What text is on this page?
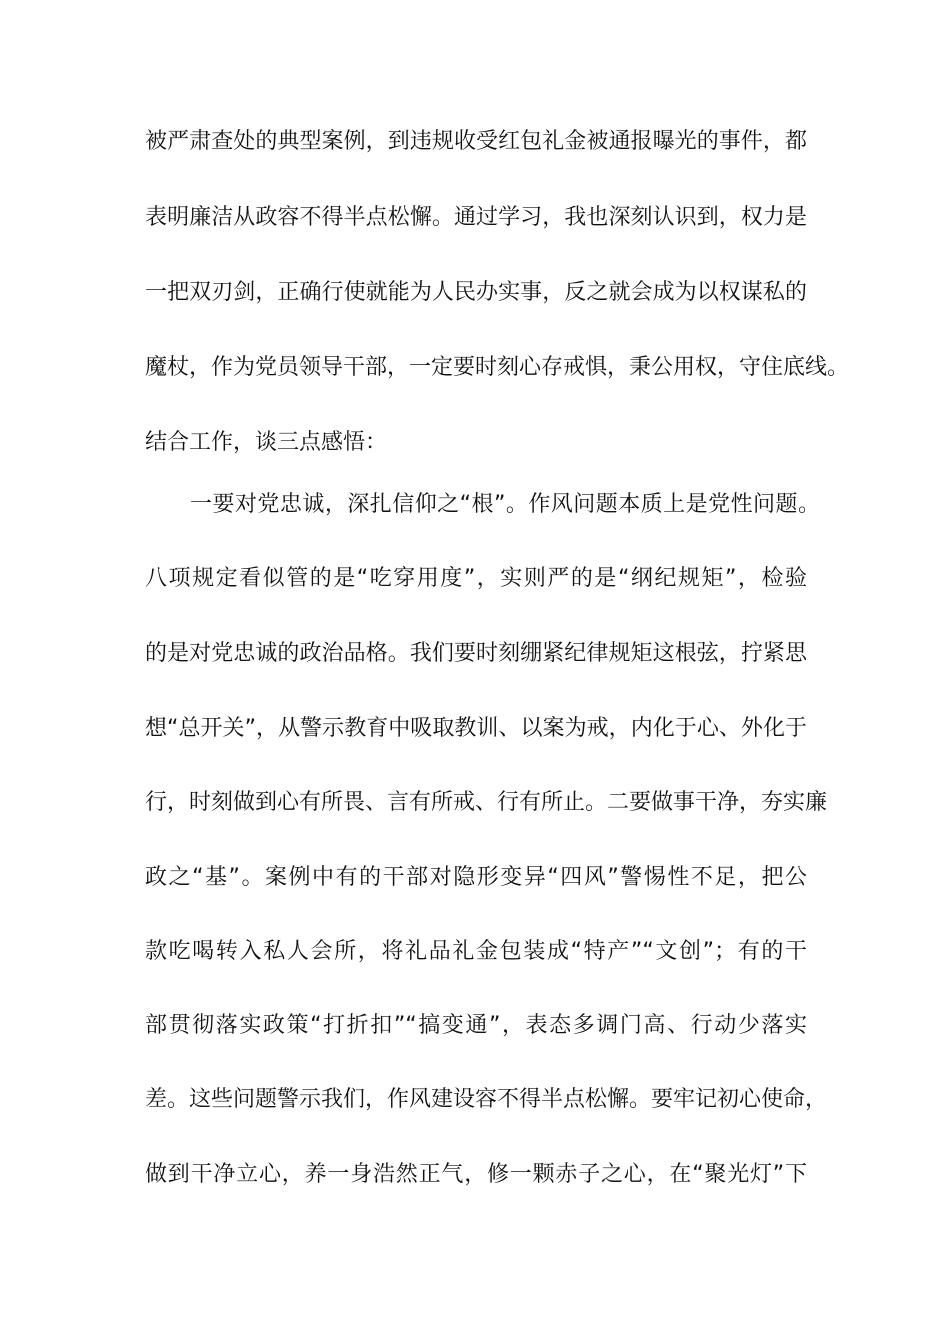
被严肃查处的典型案例，到违规收受红包礼金被通报曝光的事件，都
表明廉洁从政容不得半点松懈。通过学习，我也深刻认识到，权力是
一把双刃剑，正确行使就能为人民办实事，反之就会成为以权谋私的
魔杖，作为党员领导干部，一定要时刻心存戒惧，秉公用权，守住底线。
结合工作，谈三点感悟：
一要对党忠诚，深扎信仰之“根”。作风问题本质上是党性问题。
八项规定看似管的是“吃穿用度”，实则严的是“纲纪规矩”，检验
的是对党忠诚的政治品格。我们要时刻绷紧纪律规矩这根弦，拧紧思
想“总开关”，从警示教育中吸取教训、以案为戒，内化于心、外化于
行，时刻做到心有所畏、言有所戒、行有所止。二要做事干净，夯实廉
政之“基”。案例中有的干部对隐形变异“四风”警惕性不足，把公
款吃喝转入私人会所，将礼品礼金包装成“特产”“文创”；有的干
部贯彻落实政策“打折扣”“搞变通”，表态多调门高、行动少落实
差。这些问题警示我们，作风建设容不得半点松懈。要牢记初心使命，
做到干净立心，养一身浩然正气，修一颗赤子之心，在“聚光灯”下
